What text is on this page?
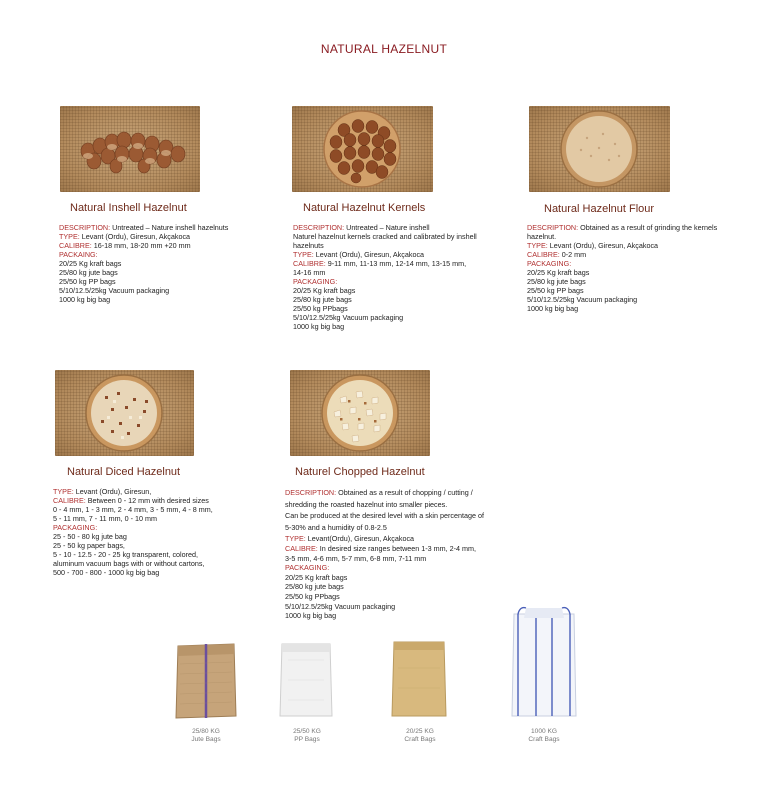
NATURAL HAZELNUT
Natural Inshell Hazelnut
DESCRIPTION: Untreated – Nature inshell hazelnuts
TYPE: Levant (Ordu), Giresun, Akçakoca
CALIBRE: 16-18 mm, 18-20 mm +20 mm
PACKAING:
20/25 Kg kraft bags
25/80 kg jute bags
25/50 kg PP bags
5/10/12.5/25kg Vacuum packaging
1000 kg big bag
Natural Hazelnut Kernels
DESCRIPTION: Untreated – Nature inshell
Naturel hazelnut kernels cracked and calibrated by inshell
hazelnuts
TYPE: Levant (Ordu), Giresun, Akçakoca
CALIBRE: 9-11 mm, 11-13 mm, 12-14 mm, 13-15 mm,
14-16 mm
PACKAGING:
20/25 Kg kraft bags
25/80 kg jute bags
25/50 kg PPbags
5/10/12.5/25kg Vacuum packaging
1000 kg big bag
Natural Hazelnut Flour
DESCRIPTION: Obtained as a result of grinding the kernels
hazelnut.
TYPE: Levant (Ordu), Giresun, Akçakoca
CALIBRE: 0-2 mm
PACKAGING:
20/25 Kg kraft bags
25/80 kg jute bags
25/50 kg PP bags
5/10/12.5/25kg Vacuum packaging
1000 kg big bag
Natural Diced Hazelnut
TYPE: Levant (Ordu), Giresun,
CALIBRE: Between 0 - 12 mm with desired sizes
0 - 4 mm, 1 - 3 mm, 2 - 4 mm, 3 - 5 mm, 4 - 8 mm,
5 - 11 mm, 7 - 11 mm, 0 - 10 mm
PACKAGING:
25 - 50 - 80 kg jute bag
25 - 50 kg paper bags,
5 - 10 - 12.5 - 20 - 25 kg transparent, colored,
aluminum vacuum bags with or without cartons,
500 - 700 - 800 - 1000 kg big bag
Naturel Chopped Hazelnut
DESCRIPTION: Obtained as a result of chopping / cutting /
shredding the roasted hazelnut into smaller pieces.
Can be produced at the desired level with a skin percentage of
5-30% and a humidity of 0.8-2.5
TYPE: Levant(Ordu), Giresun, Akçakoca
CALIBRE: In desired size ranges between 1-3 mm, 2-4 mm,
3-5 mm, 4-6 mm, 5-7 mm, 6-8 mm, 7-11 mm
PACKAGING:
20/25 Kg kraft bags
25/80 kg jute bags
25/50 kg PPbags
5/10/12.5/25kg Vacuum packaging
1000 kg big bag
25/80 KG
Jute Bags
25/50 KG
PP Bags
20/25 KG
Craft Bags
1000 KG
Craft Bags
